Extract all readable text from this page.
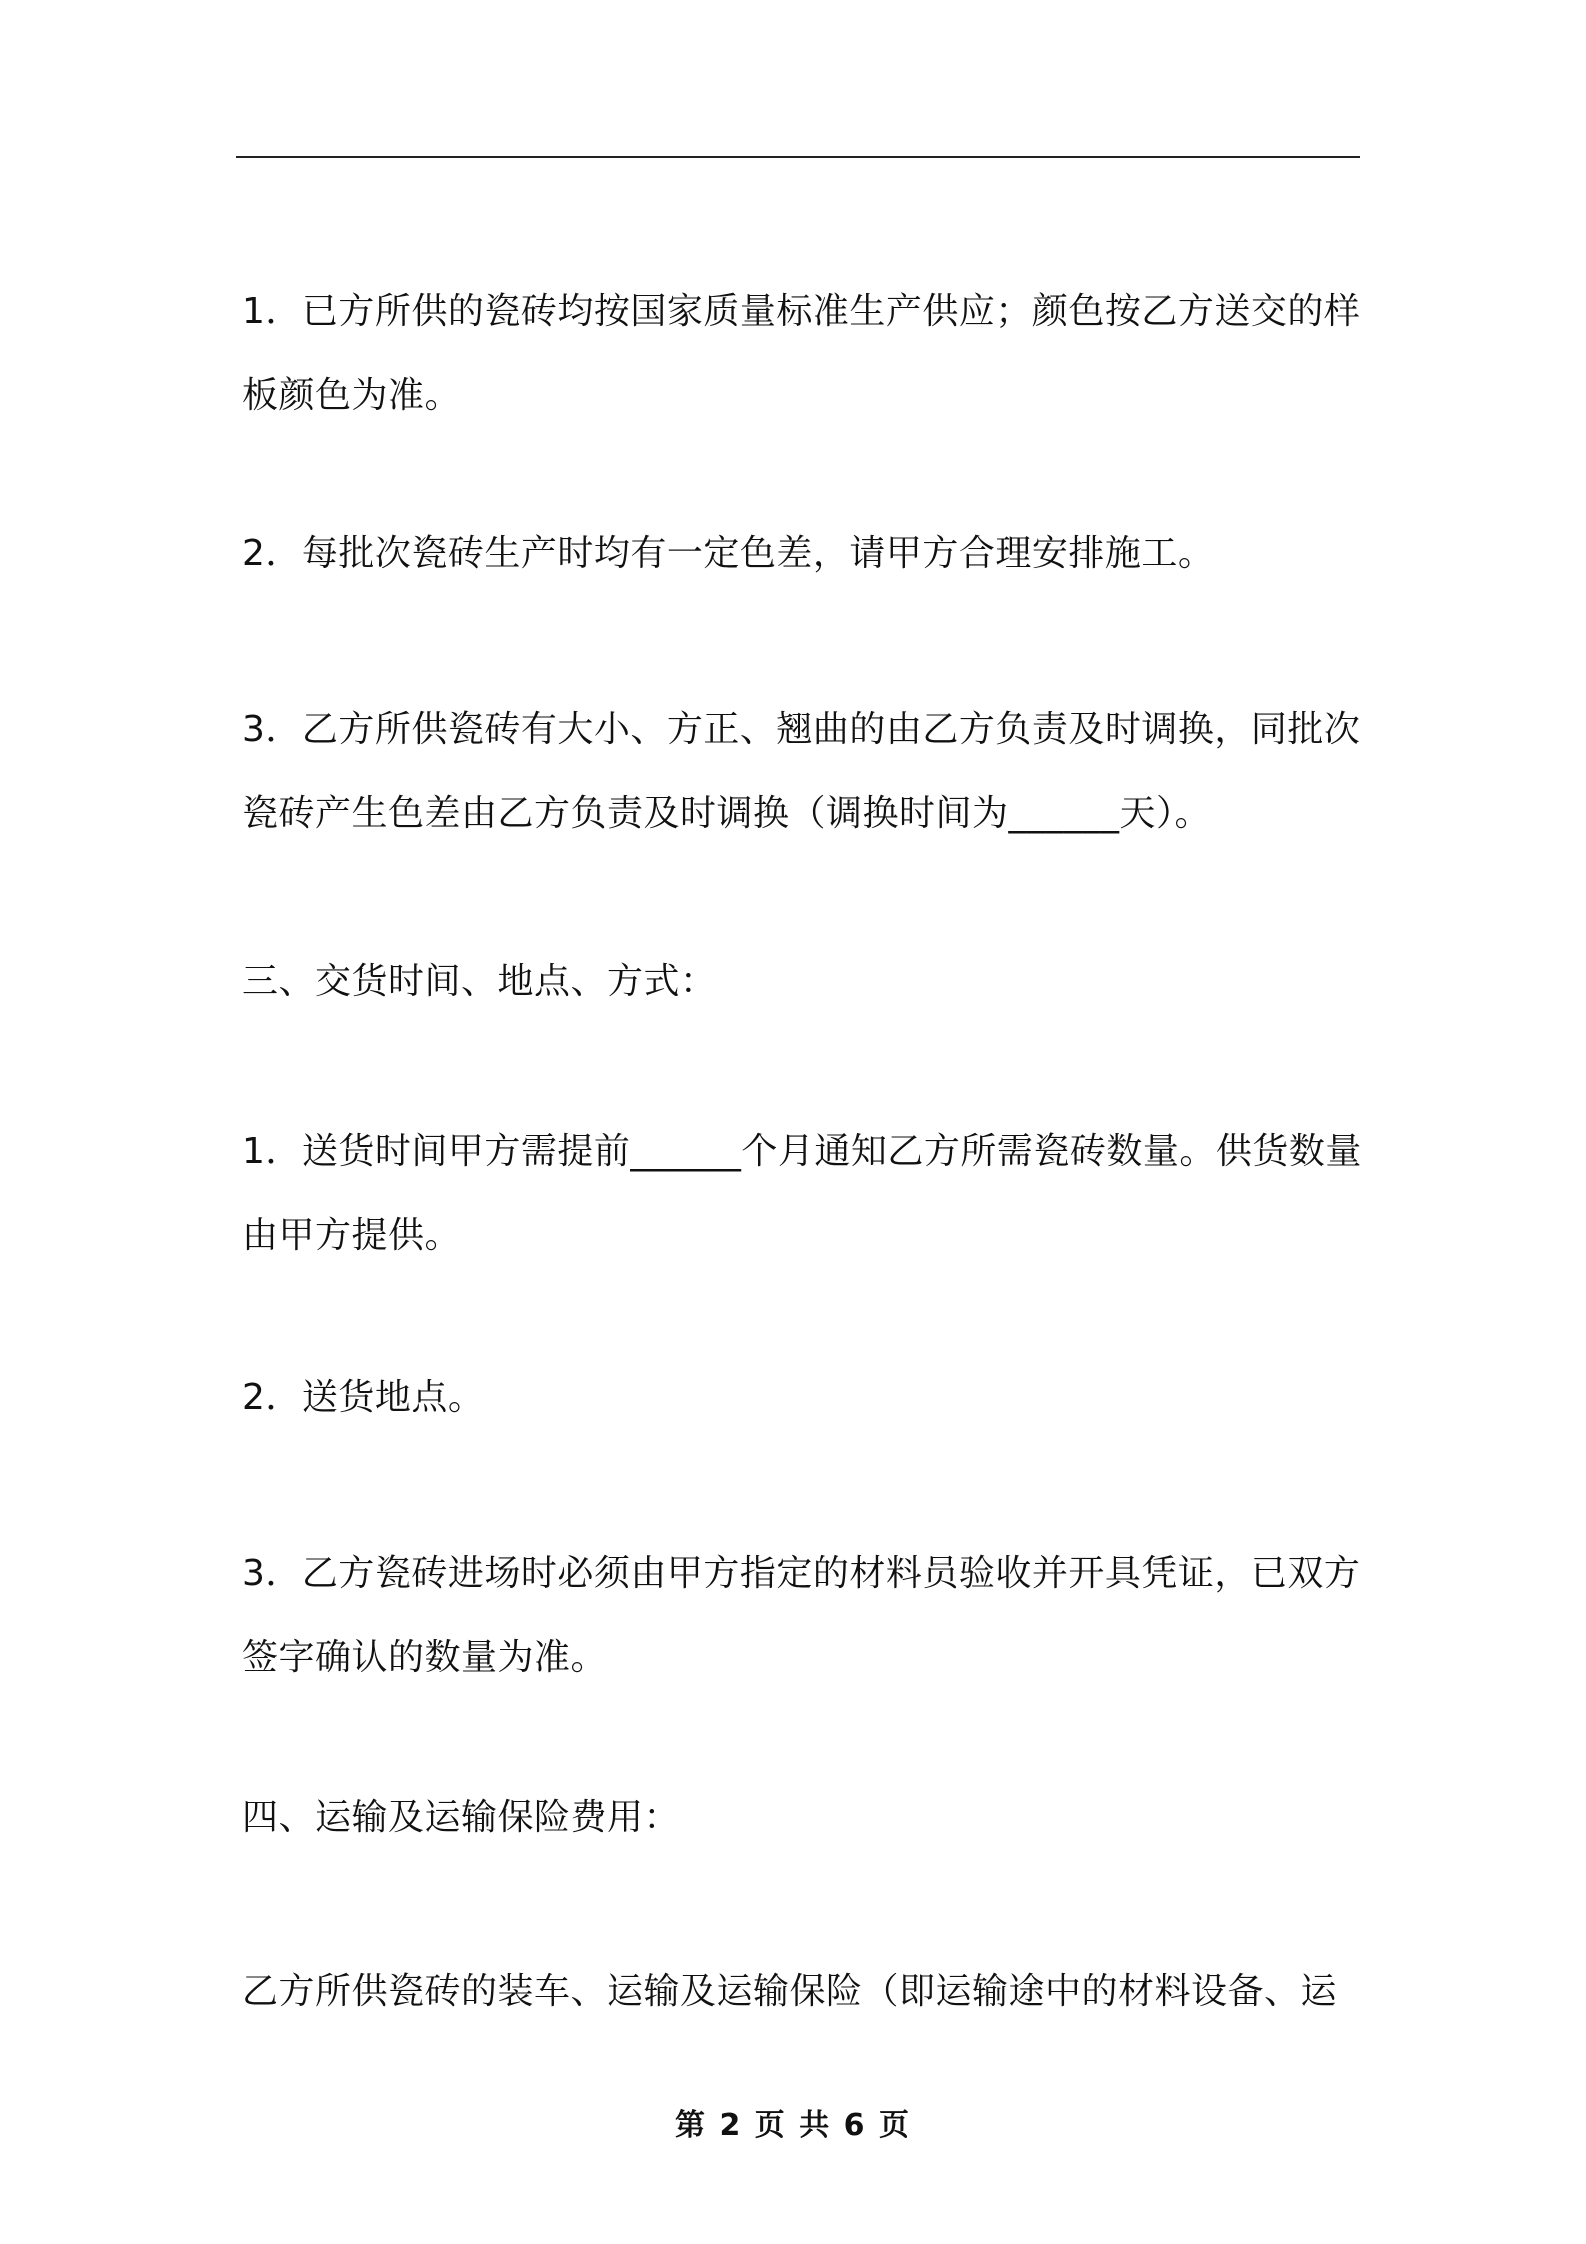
1．已方所供的瓷砖均按国家质量标准生产供应；颜色按乙方送交的样板颜色为准。

2．每批次瓷砖生产时均有一定色差，请甲方合理安排施工。

3．乙方所供瓷砖有大小、方正、翘曲的由乙方负责及时调换，同批次瓷砖产生色差由乙方负责及时调换（调换时间为______天）。

三、交货时间、地点、方式：

1．送货时间甲方需提前______个月通知乙方所需瓷砖数量。供货数量由甲方提供。

2．送货地点。

3．乙方瓷砖进场时必须由甲方指定的材料员验收并开具凭证，已双方签字确认的数量为准。

四、运输及运输保险费用：

乙方所供瓷砖的装车、运输及运输保险（即运输途中的材料设备、运

第 2 页 共 6 页
